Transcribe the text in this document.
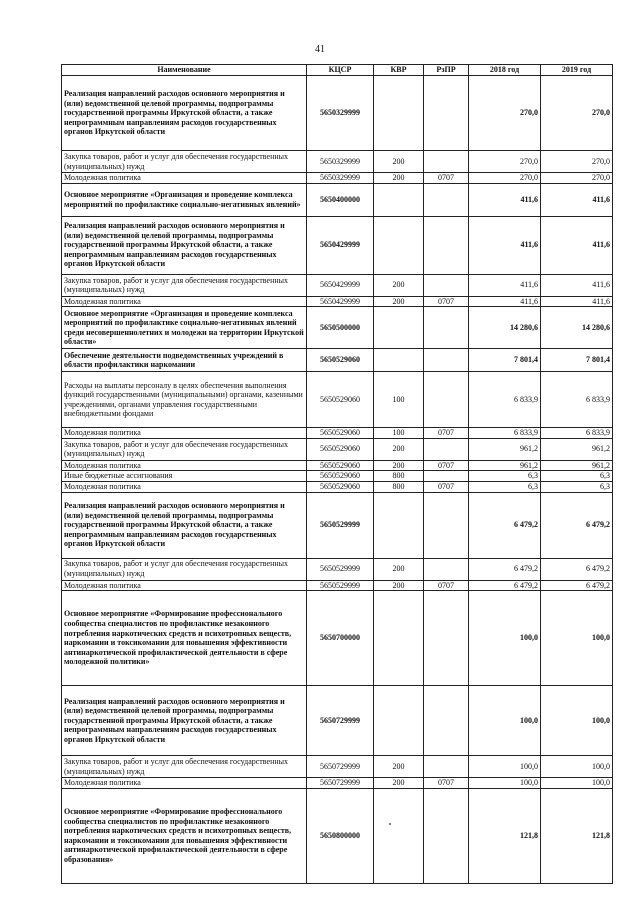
41
Наименование	КЦСР	КВР	РзПР	2018 год	2019 год
Реализация направлений расходов основного мероприятия и (или) ведомственной целевой программы, подпрограммы государственной программы Иркутской области, а также непрограммным направлениям расходов государственных органов Иркутской области	5650329999			270,0	270,0
Закупка товаров, работ и услуг для обеспечения государственных (муниципальных) нужд	5650329999	200		270,0	270,0
Молодежная политика	5650329999	200	0707	270,0	270,0
Основное мероприятие «Организация и проведение комплекса мероприятий по профилактике социально-негативных явлений»	5650400000			411,6	411,6
Реализация направлений расходов основного мероприятия и (или) ведомственной целевой программы, подпрограммы государственной программы Иркутской области, а также непрограммным направлениям расходов государственных органов Иркутской области	5650429999			411,6	411,6
Закупка товаров, работ и услуг для обеспечения государственных (муниципальных) нужд	5650429999	200		411,6	411,6
Молодежная политика	5650429999	200	0707	411,6	411,6
Основное мероприятие «Организация и проведение комплекса мероприятий по профилактике социально-негативных явлений среди несовершеннолетних и молодежи на территории Иркутской области»	5650500000			14 280,6	14 280,6
Обеспечение деятельности подведомственных учреждений в области профилактики наркомании	5650529060			7 801,4	7 801,4
Расходы на выплаты персоналу в целях обеспечения выполнения функций государственными (муниципальными) органами, казенными учреждениями, органами управления государственными внебюджетными фондами	5650529060	100		6 833,9	6 833,9
Молодежная политика	5650529060	100	0707	6 833,9	6 833,9
Закупка товаров, работ и услуг для обеспечения государственных (муниципальных) нужд	5650529060	200		961,2	961,2
Молодежная политика	5650529060	200	0707	961,2	961,2
Иные бюджетные ассигнования	5650529060	800		6,3	6,3
Молодежная политика	5650529060	800	0707	6,3	6,3
Реализация направлений расходов основного мероприятия и (или) ведомственной целевой программы, подпрограммы государственной программы Иркутской области, а также непрограммным направлениям расходов государственных органов Иркутской области	5650529999			6 479,2	6 479,2
Закупка товаров, работ и услуг для обеспечения государственных (муниципальных) нужд	5650529999	200		6 479,2	6 479,2
Молодежная политика	5650529999	200	0707	6 479,2	6 479,2
Основное мероприятие «Формирование профессионального сообщества специалистов по профилактике незаконного потребления наркотических средств и психотропных веществ, наркомании и токсикомании для повышения эффективности антинаркотической профилактической деятельности в сфере молодежной политики»	5650700000			100,0	100,0
Реализация направлений расходов основного мероприятия и (или) ведомственной целевой программы, подпрограммы государственной программы Иркутской области, а также непрограммным направлениям расходов государственных органов Иркутской области	5650729999			100,0	100,0
Закупка товаров, работ и услуг для обеспечения государственных (муниципальных) нужд	5650729999	200		100,0	100,0
Молодежная политика	5650729999	200	0707	100,0	100,0
Основное мероприятие «Формирование профессионального сообщества специалистов по профилактике незаконного потребления наркотических средств и психотропных веществ, наркомании и токсикомании для повышения эффективности антинаркотической профилактической деятельности в сфере образования»	5650800000			121,8	121,8
